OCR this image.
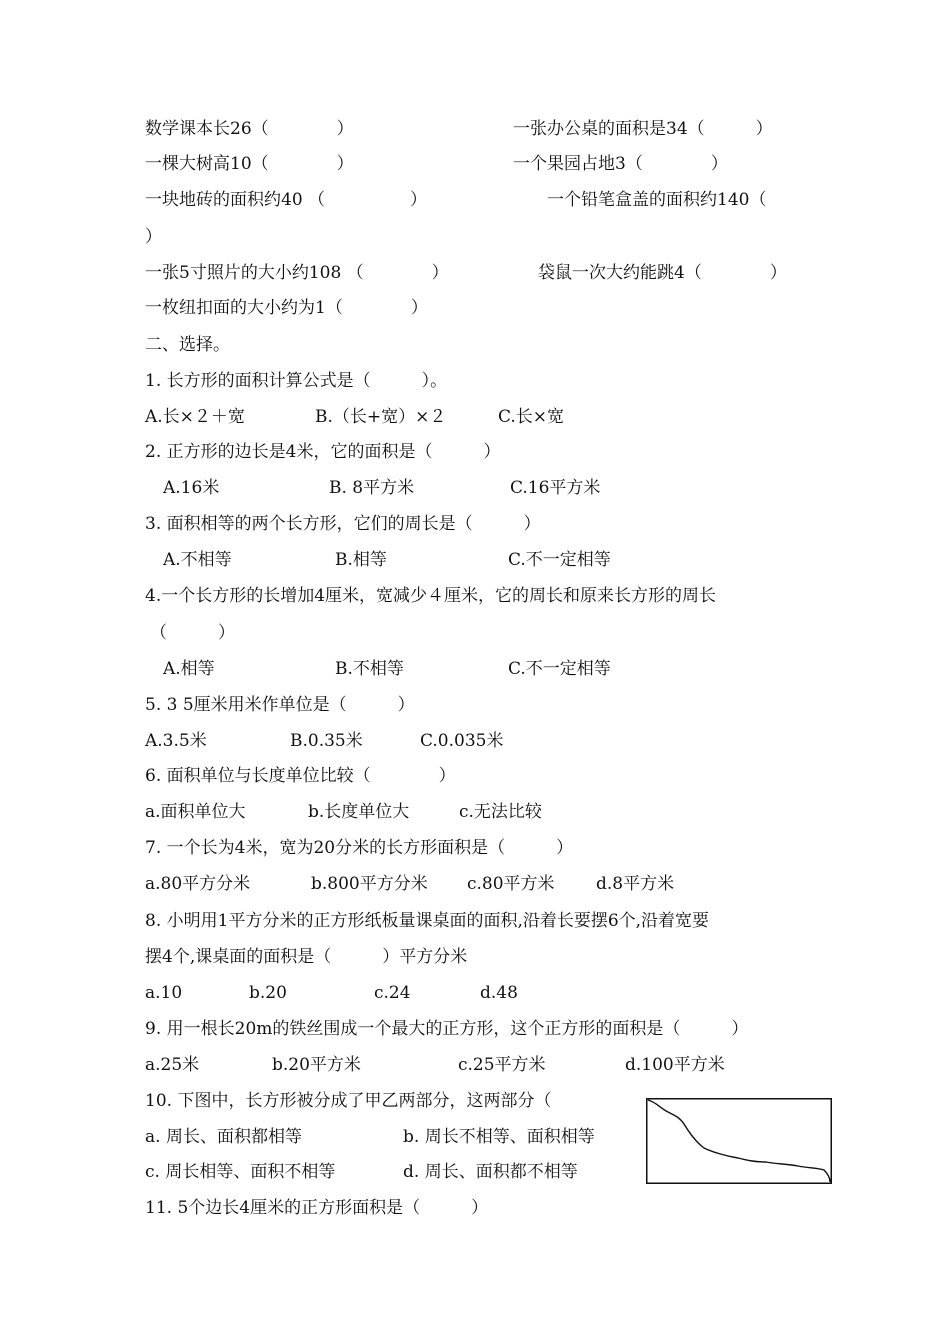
数学课本长26（　　　　）	一张办公桌的面积是34（　　　）
一棵大树高10（　　　　）	一个果园占地3（　　　　）
一块地砖的面积约40 （　　　　　）	一个铅笔盒盖的面积约140（
）
一张5寸照片的大小约108 （　　　　）	袋鼠一次大约能跳4（　　　　）
一枚纽扣面的大小约为1（　　　　）
二、选择。
1. 长方形的面积计算公式是（　　　）。
A.长×２＋宽	B.（长+宽）×２	C.长×宽
2. 正方形的边长是4米，它的面积是（　　　）
A.16米	B. 8平方米	C.16平方米
3. 面积相等的两个长方形，它们的周长是（　　　）
A.不相等	B.相等	C.不一定相等
4.一个长方形的长增加4厘米，宽减少４厘米，它的周长和原来长方形的周长
（　　　）
A.相等	B.不相等	C.不一定相等
5. 3 5厘米用米作单位是（　　　）
A.3.5米	B.0.35米	C.0.035米
6. 面积单位与长度单位比较（　　　　）
a.面积单位大	b.长度单位大	c.无法比较
7. 一个长为4米，宽为20分米的长方形面积是（　　　）
a.80平方分米	b.800平方分米 c.80平方米 d.8平方米
8. 小明用1平方分米的正方形纸板量课桌面的面积,沿着长要摆6个,沿着宽要
摆4个,课桌面的面积是（　　　）平方分米
a.10	b.20	c.24	d.48
9. 用一根长20m的铁丝围成一个最大的正方形，这个正方形的面积是（　　　）
a.25米	b.20平方米	c.25平方米	d.100平方米
10. 下图中，长方形被分成了甲乙两部分，这两部分（
a. 周长、面积都相等	b. 周长不相等、面积相等
c. 周长相等、面积不相等	d. 周长、面积都不相等
11. 5个边长4厘米的正方形面积是（　　　）
